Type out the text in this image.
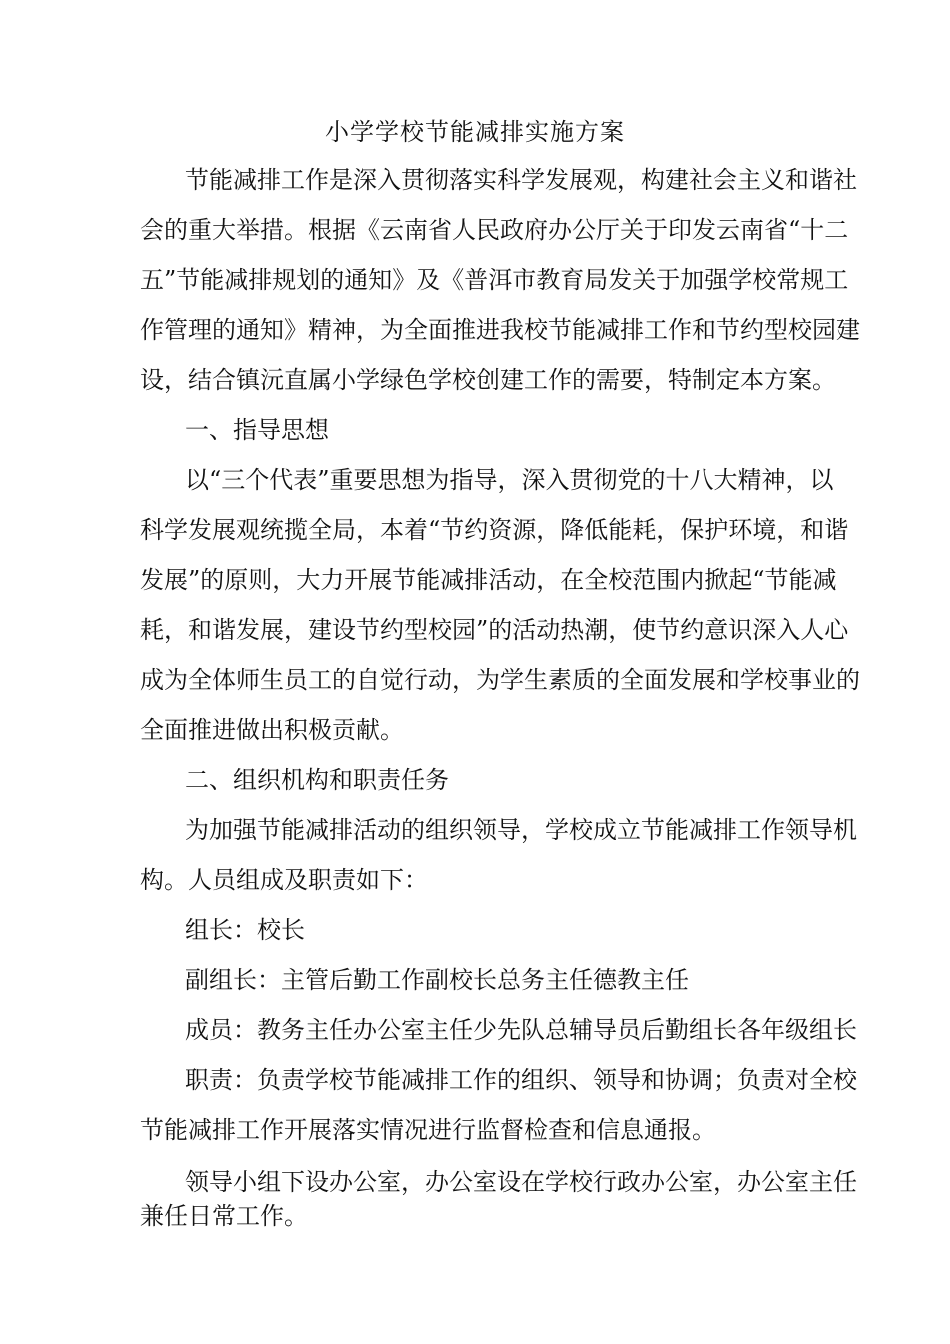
小学学校节能减排实施方案
节能减排工作是深入贯彻落实科学发展观，构建社会主义和谐社
会的重大举措。根据《云南省人民政府办公厅关于印发云南省“十二
五”节能减排规划的通知》及《普洱市教育局发关于加强学校常规工
作管理的通知》精神，为全面推进我校节能减排工作和节约型校园建
设，结合镇沅直属小学绿色学校创建工作的需要，特制定本方案。
一、指导思想
以“三个代表”重要思想为指导，深入贯彻党的十八大精神，以
科学发展观统揽全局，本着“节约资源，降低能耗，保护环境，和谐
发展”的原则，大力开展节能减排活动，在全校范围内掀起“节能减
耗，和谐发展，建设节约型校园”的活动热潮，使节约意识深入人心
成为全体师生员工的自觉行动，为学生素质的全面发展和学校事业的
全面推进做出积极贡献。
二、组织机构和职责任务
为加强节能减排活动的组织领导，学校成立节能减排工作领导机
构。人员组成及职责如下：
组长：校长
副组长：主管后勤工作副校长总务主任德教主任
成员：教务主任办公室主任少先队总辅导员后勤组长各年级组长
职责：负责学校节能减排工作的组织、领导和协调；负责对全校
节能减排工作开展落实情况进行监督检查和信息通报。
领导小组下设办公室，办公室设在学校行政办公室，办公室主任
兼任日常工作。
